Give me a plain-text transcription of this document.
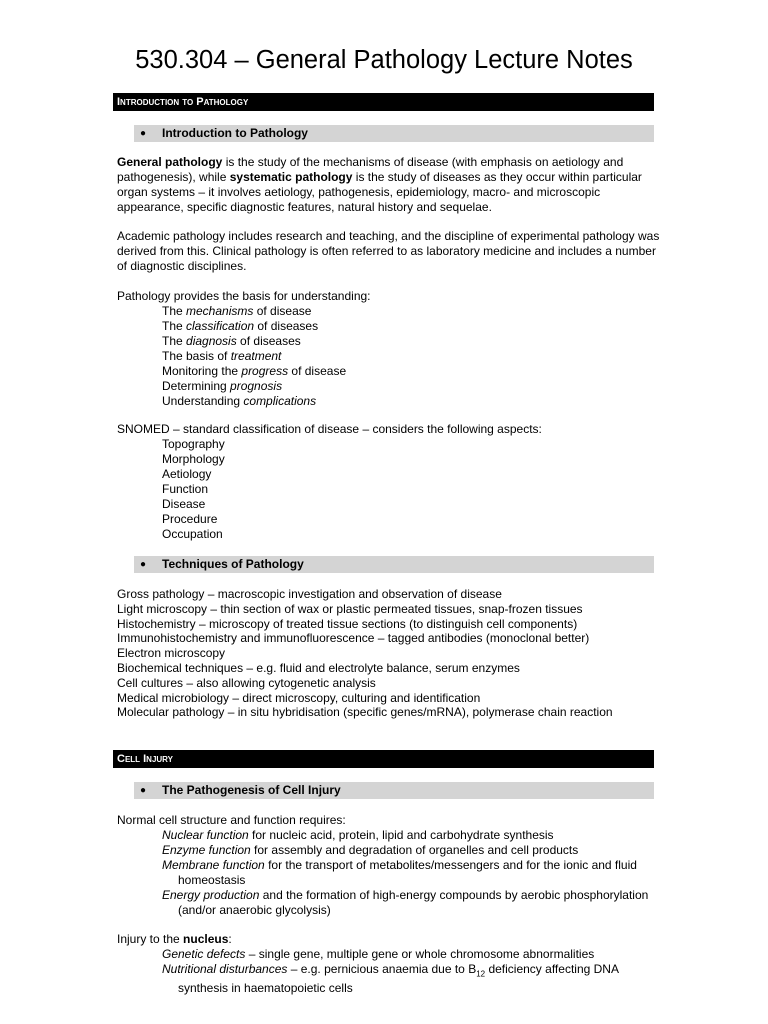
530.304 – General Pathology Lecture Notes
Introduction to Pathology
● Introduction to Pathology

General pathology is the study of the mechanisms of disease (with emphasis on aetiology and pathogenesis), while systematic pathology is the study of diseases as they occur within particular organ systems – it involves aetiology, pathogenesis, epidemiology, macro- and microscopic appearance, specific diagnostic features, natural history and sequelae.

Academic pathology includes research and teaching, and the discipline of experimental pathology was derived from this. Clinical pathology is often referred to as laboratory medicine and includes a number of diagnostic disciplines.

Pathology provides the basis for understanding:

The mechanisms of disease
The classification of diseases
The diagnosis of diseases
The basis of treatment
Monitoring the progress of disease
Determining prognosis
Understanding complications

SNOMED – standard classification of disease – considers the following aspects:

Topography
Morphology
Aetiology
Function
Disease
Procedure
Occupation
● Techniques of Pathology
Gross pathology – macroscopic investigation and observation of disease
Light microscopy – thin section of wax or plastic permeated tissues, snap-frozen tissues
Histochemistry – microscopy of treated tissue sections (to distinguish cell components)
Immunohistochemistry and immunofluorescence – tagged antibodies (monoclonal better)
Electron microscopy
Biochemical techniques – e.g. fluid and electrolyte balance, serum enzymes
Cell cultures – also allowing cytogenetic analysis
Medical microbiology – direct microscopy, culturing and identification
Molecular pathology – in situ hybridisation (specific genes/mRNA), polymerase chain reaction
Cell Injury
● The Pathogenesis of Cell Injury

Normal cell structure and function requires:

Nuclear function for nucleic acid, protein, lipid and carbohydrate synthesis
Enzyme function for assembly and degradation of organelles and cell products
Membrane function for the transport of metabolites/messengers and for the ionic and fluid homeostasis
Energy production and the formation of high-energy compounds by aerobic phosphorylation (and/or anaerobic glycolysis)

Injury to the nucleus:

Genetic defects – single gene, multiple gene or whole chromosome abnormalities
Nutritional disturbances – e.g. pernicious anaemia due to $B_{12}$ deficiency affecting DNA synthesis in haematopoietic cells
